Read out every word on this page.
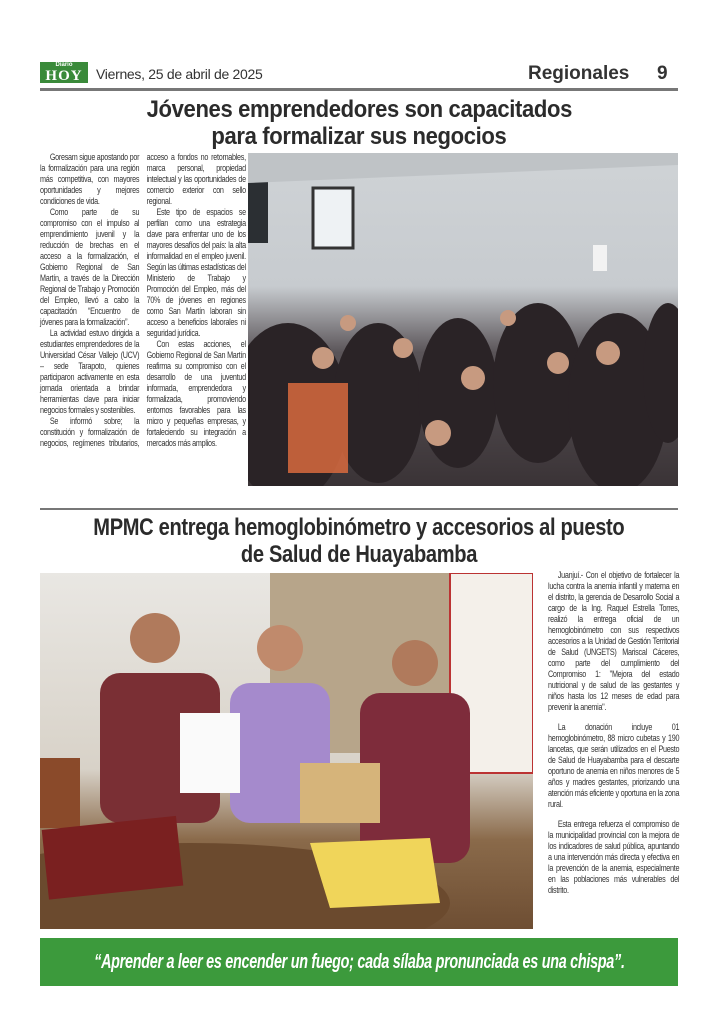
Diario
HOY Viernes, 25 de abril de 2025	Regionales 9
Jóvenes emprendedores son capacitados
para formalizar sus negocios

Goresam sigue apostando por la formalización para una región más competitiva, con mayores oportunidades y mejores condiciones de vida.

Como parte de su compromiso con el impulso al emprendimiento juvenil y la reducción de brechas en el acceso a la formalización, el Gobierno Regional de San Martín, a través de la Dirección Regional de Trabajo y Promoción del Empleo, llevó a cabo la capacitación “Encuentro de jóvenes para la formalización”.

La actividad estuvo dirigida a estudiantes emprendedores de la Universidad César Vallejo (UCV) – sede Tarapoto, quienes participaron activamente en esta jornada orientada a brindar herramientas clave para iniciar negocios formales y sostenibles.

Se informó sobre; la constitución y formalización de negocios, regímenes tributarios, acceso a fondos no retornables, marca personal, propiedad intelectual y las oportunidades de comercio exterior con sello regional.

Este tipo de espacios se perfilan como una estrategia clave para enfrentar uno de los mayores desafíos del país: la alta informalidad en el empleo juvenil. Según las últimas estadísticas del Ministerio de Trabajo y Promoción del Empleo, más del 70% de jóvenes en regiones como San Martín laboran sin acceso a beneficios laborales ni seguridad jurídica.

Con estas acciones, el Gobierno Regional de San Martín reafirma su compromiso con el desarrollo de una juventud informada, emprendedora y formalizada, promoviendo entornos favorables para las micro y pequeñas empresas, y fortaleciendo su integración a mercados más amplios.

MPMC entrega hemoglobinómetro y accesorios al puesto
de Salud de Huayabamba

Juanjuí.- Con el objetivo de fortalecer la lucha contra la anemia infantil y materna en el distrito, la gerencia de Desarrollo Social a cargo de la Ing. Raquel Estrella Torres, realizó la entrega oficial de un hemoglobinómetro con sus respectivos accesorios a la Unidad de Gestión Territorial de Salud (UNGETS) Mariscal Cáceres, como parte del cumplimiento del Compromiso 1: "Mejora del estado nutricional y de salud de las gestantes y niños hasta los 12 meses de edad para prevenir la anemia".

La donación incluye 01 hemoglobinómetro, 88 micro cubetas y 190 lancetas, que serán utilizados en el Puesto de Salud de Huayabamba para el descarte oportuno de anemia en niños menores de 5 años y madres gestantes, priorizando una atención más eficiente y oportuna en la zona rural.

Esta entrega refuerza el compromiso de la municipalidad provincial con la mejora de los indicadores de salud pública, apuntando a una intervención más directa y efectiva en la prevención de la anemia, especialmente en las poblaciones más vulnerables del distrito.

“Aprender a leer es encender un fuego; cada sílaba pronunciada es una chispa”.
